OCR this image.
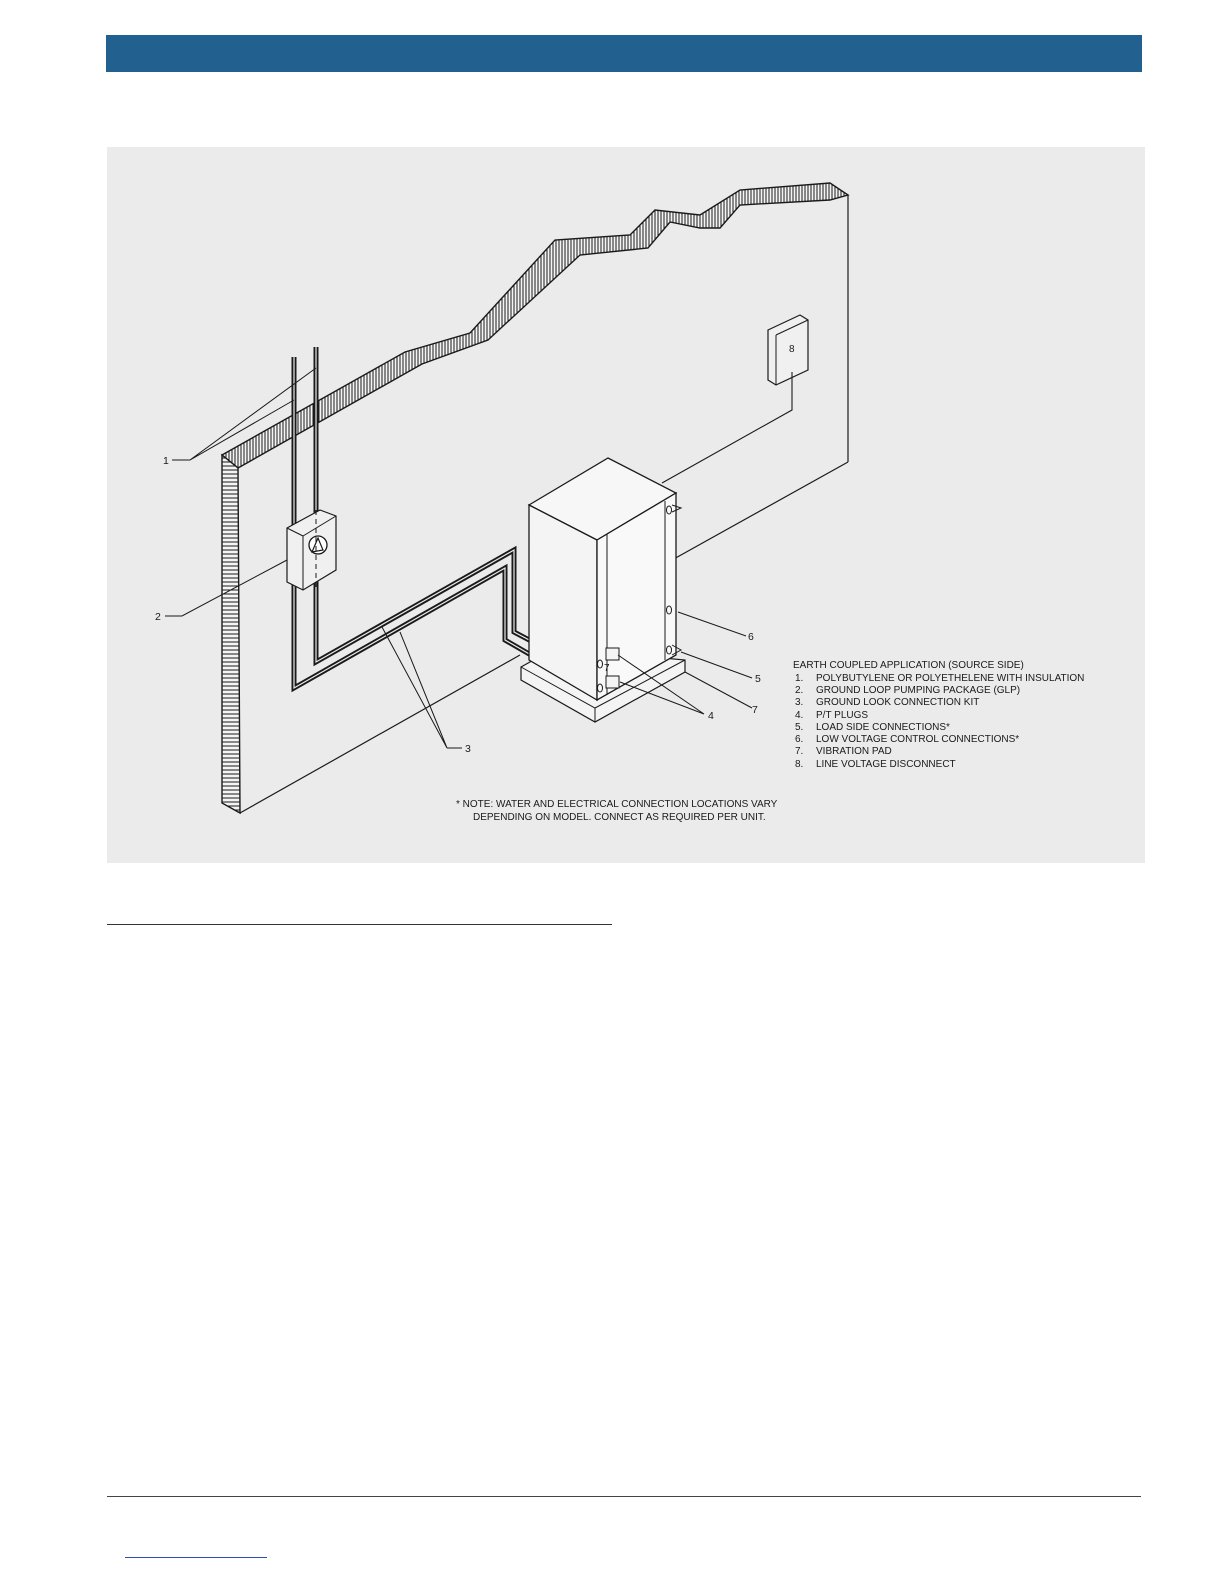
8
7
1
2
3
4
5
6
7
EARTH COUPLED APPLICATION (SOURCE SIDE)
1. POLYBUTYLENE OR POLYETHELENE WITH INSULATION
2. GROUND LOOP PUMPING PACKAGE (GLP)
3. GROUND LOOK CONNECTION KIT
4. P/T PLUGS
5. LOAD SIDE CONNECTIONS*
6. LOW VOLTAGE CONTROL CONNECTIONS*
7. VIBRATION PAD
8. LINE VOLTAGE DISCONNECT
* NOTE: WATER AND ELECTRICAL CONNECTION LOCATIONS VARY
DEPENDING ON MODEL. CONNECT AS REQUIRED PER UNIT.
